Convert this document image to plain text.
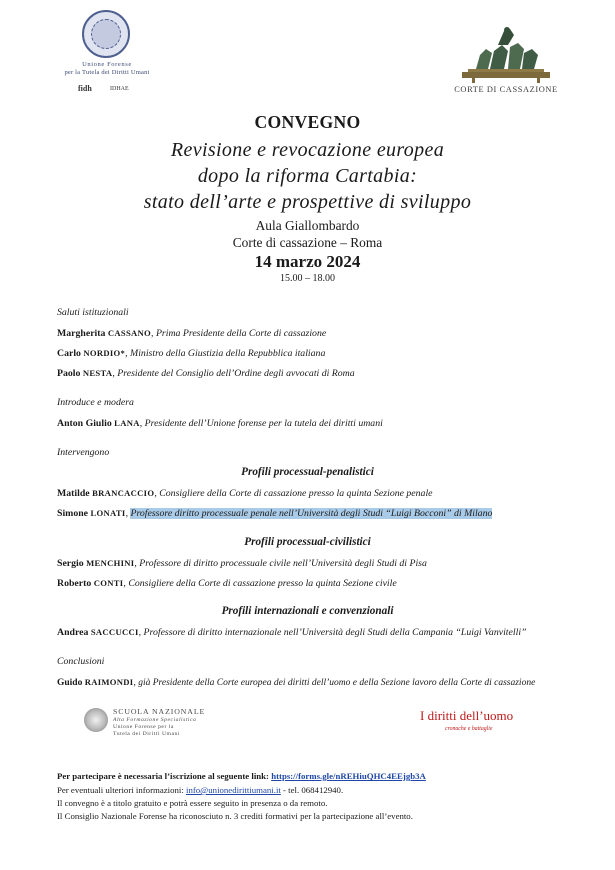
Unione Forense
per la Tutela dei Diritti Umani
fidh	IDHAE	CORTE DI CASSAZIONE
CONVEGNO
Revisione e revocazione europea
dopo la riforma Cartabia:
stato dell’arte e prospettive di sviluppo
Aula Giallombardo
Corte di cassazione – Roma
14 marzo 2024
15.00 – 18.00
Saluti istituzionali
Margherita CASSANO, Prima Presidente della Corte di cassazione
Carlo NORDIO*, Ministro della Giustizia della Repubblica italiana
Paolo NESTA, Presidente del Consiglio dell’Ordine degli avvocati di Roma
Introduce e modera
Anton Giulio LANA, Presidente dell’Unione forense per la tutela dei diritti umani
Intervengono
Profili processual-penalistici
Matilde BRANCACCIO, Consigliere della Corte di cassazione presso la quinta Sezione penale
Simone LONATI, Professore diritto processuale penale nell’Università degli Studi “Luigi Bocconi” di Milano
Profili processual-civilistici
Sergio MENCHINI, Professore di diritto processuale civile nell’Università degli Studi di Pisa
Roberto CONTI, Consigliere della Corte di cassazione presso la quinta Sezione civile
Profili internazionali e convenzionali
Andrea SACCUCCI, Professore di diritto internazionale nell’Università degli Studi della Campania “Luigi Vanvitelli”
Conclusioni
Guido RAIMONDI, già Presidente della Corte europea dei diritti dell’uomo e della Sezione lavoro della Corte di cassazione
SCUOLA NAZIONALE
Alta Formazione Specialistica
Unione Forense per la
Tutela dei Diritti Umani
I diritti dell’uomo
cronache e battaglie
Per partecipare è necessaria l’iscrizione al seguente link: https://forms.gle/nREHiuQHC4EEjgb3A
Per eventuali ulteriori informazioni: info@unionedirittiumani.it - tel. 068412940.
Il convegno è a titolo gratuito e potrà essere seguito in presenza o da remoto.
Il Consiglio Nazionale Forense ha riconosciuto n. 3 crediti formativi per la partecipazione all’evento.
